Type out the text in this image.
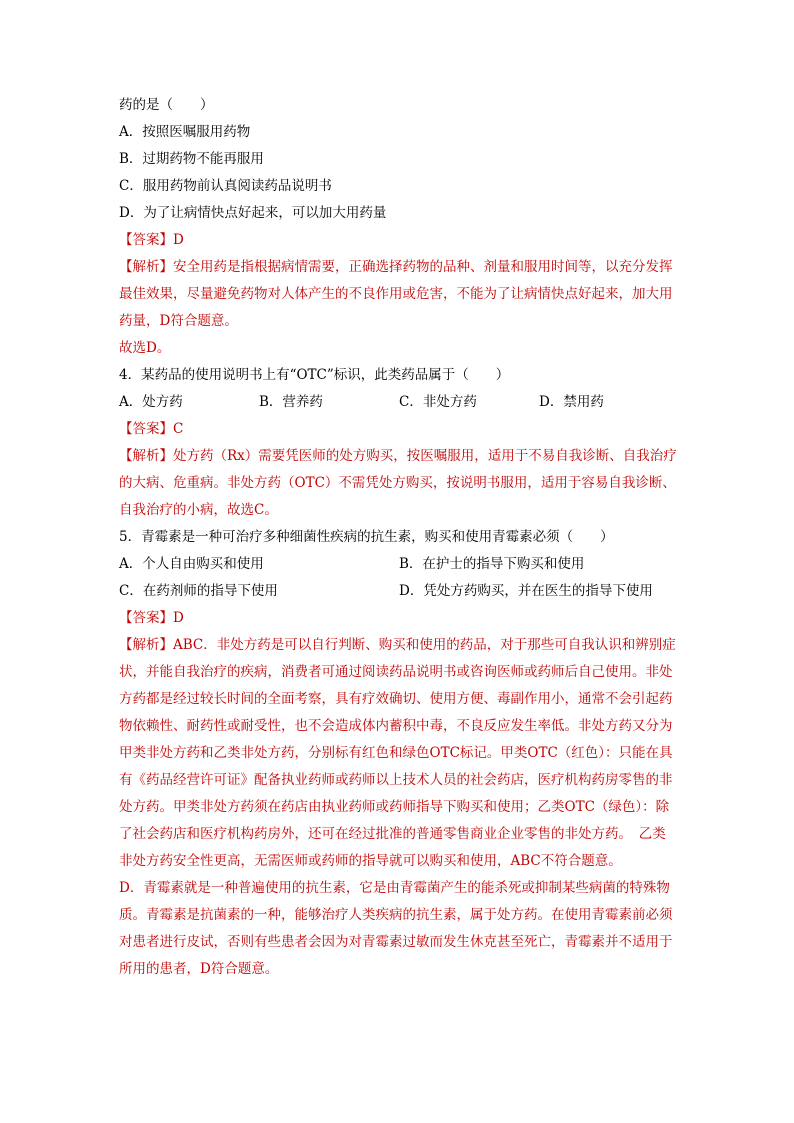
药的是（　　）
A．按照医嘱服用药物
B．过期药物不能再服用
C．服用药物前认真阅读药品说明书
D．为了让病情快点好起来，可以加大用药量
【答案】D
【解析】安全用药是指根据病情需要，正确选择药物的品种、剂量和服用时间等，以充分发挥最佳效果，尽量避免药物对人体产生的不良作用或危害，不能为了让病情快点好起来，加大用药量，D符合题意。
故选D。
4．某药品的使用说明书上有“OTC”标识，此类药品属于（　　）
A．处方药	B．营养药	C．非处方药	D．禁用药
【答案】C
【解析】处方药（Rx）需要凭医师的处方购买，按医嘱服用，适用于不易自我诊断、自我治疗的大病、危重病。非处方药（OTC）不需凭处方购买，按说明书服用，适用于容易自我诊断、自我治疗的小病，故选C。
5．青霉素是一种可治疗多种细菌性疾病的抗生素，购买和使用青霉素必须（　　）
A．个人自由购买和使用	B．在护士的指导下购买和使用
C．在药剂师的指导下使用	D．凭处方药购买，并在医生的指导下使用
【答案】D
【解析】ABC．非处方药是可以自行判断、购买和使用的药品，对于那些可自我认识和辨别症状，并能自我治疗的疾病，消费者可通过阅读药品说明书或咨询医师或药师后自己使用。非处方药都是经过较长时间的全面考察，具有疗效确切、使用方便、毒副作用小，通常不会引起药物依赖性、耐药性或耐受性，也不会造成体内蓄积中毒，不良反应发生率低。非处方药又分为甲类非处方药和乙类非处方药，分别标有红色和绿色OTC标记。甲类OTC（红色）：只能在具有《药品经营许可证》配备执业药师或药师以上技术人员的社会药店，医疗机构药房零售的非处方药。甲类非处方药须在药店由执业药师或药师指导下购买和使用；乙类OTC（绿色）：除了社会药店和医疗机构药房外，还可在经过批准的普通零售商业企业零售的非处方药。　乙类非处方药安全性更高，无需医师或药师的指导就可以购买和使用，ABC不符合题意。
D．青霉素就是一种普遍使用的抗生素，它是由青霉菌产生的能杀死或抑制某些病菌的特殊物质。青霉素是抗菌素的一种，能够治疗人类疾病的抗生素，属于处方药。在使用青霉素前必须对患者进行皮试，否则有些患者会因为对青霉素过敏而发生休克甚至死亡，青霉素并不适用于所用的患者，D符合题意。
